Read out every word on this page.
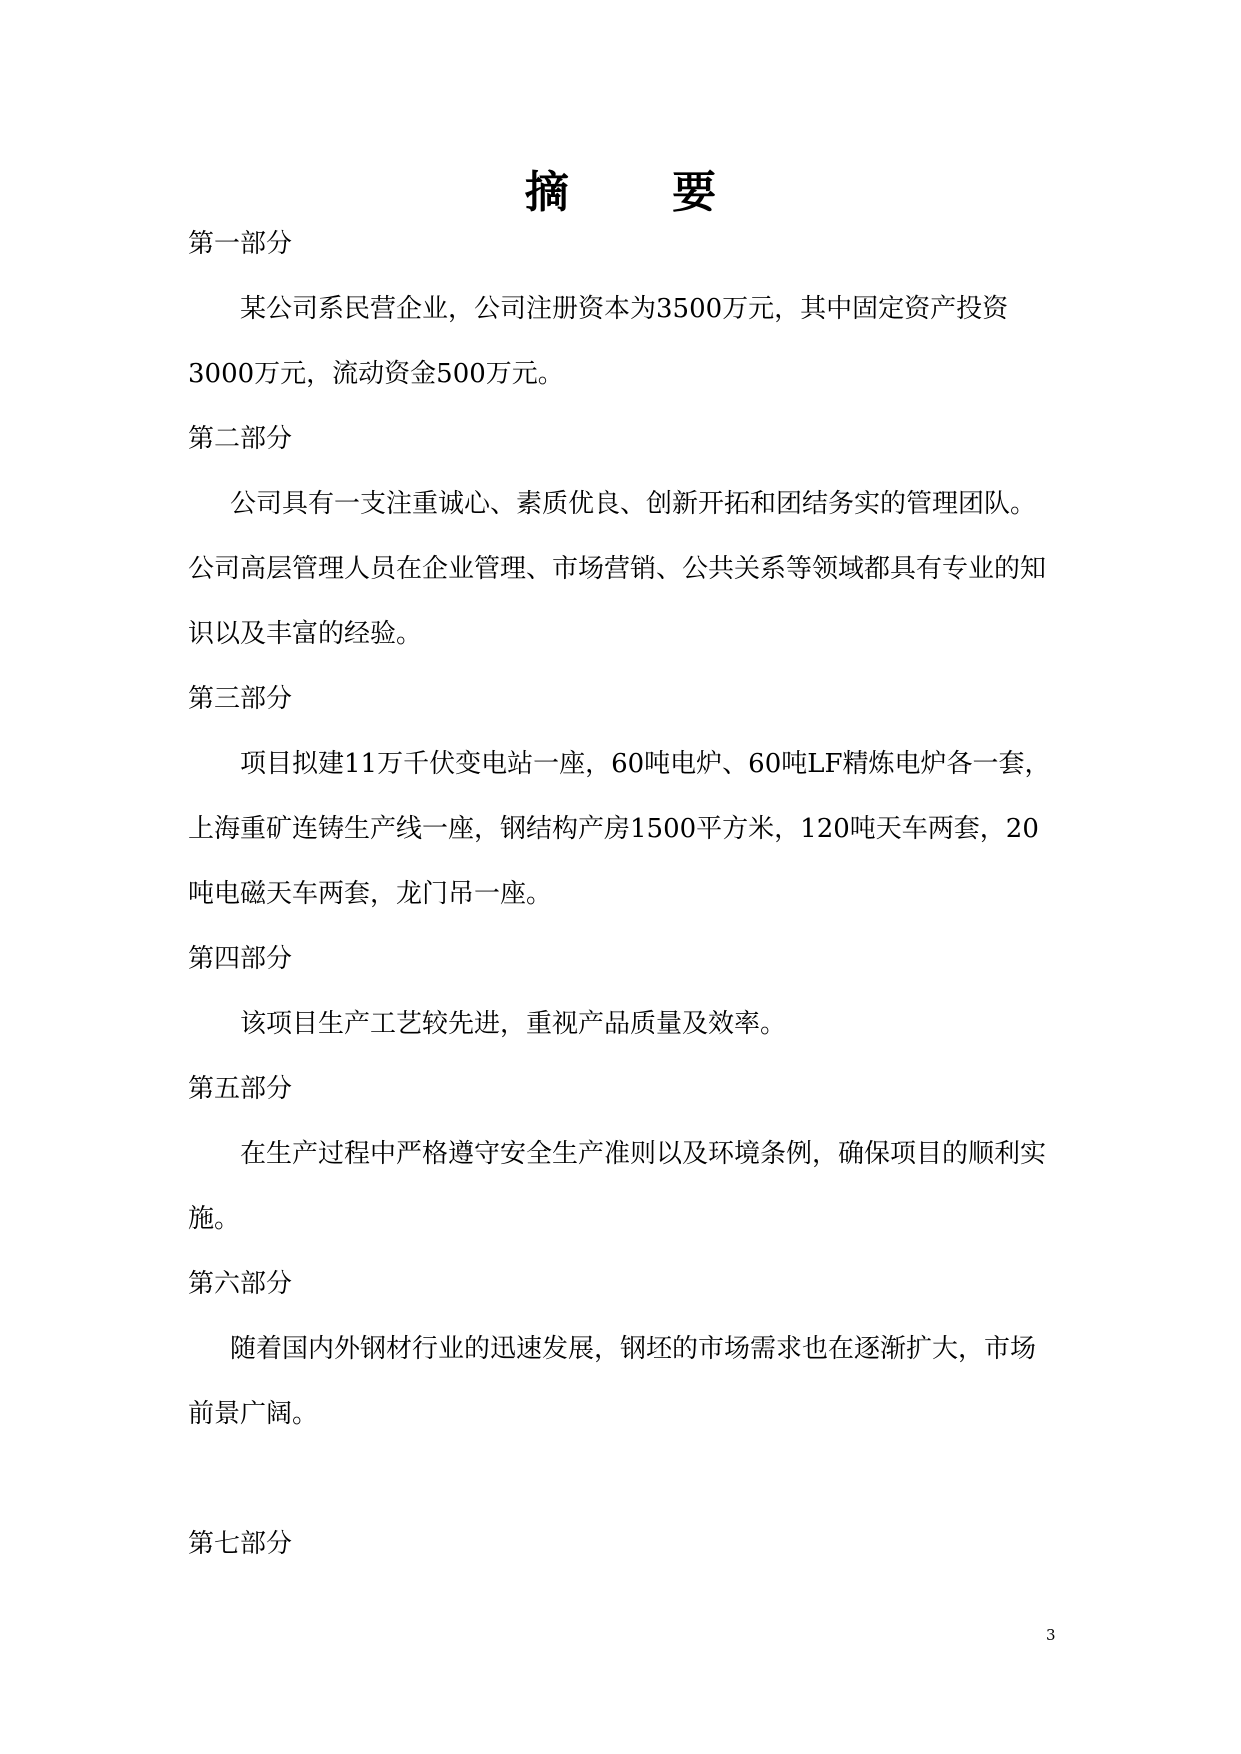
摘 要

第一部分

某公司系民营企业，公司注册资本为3500万元，其中固定资产投资3000万元，流动资金500万元。

第二部分

公司具有一支注重诚心、素质优良、创新开拓和团结务实的管理团队。公司高层管理人员在企业管理、市场营销、公共关系等领域都具有专业的知识以及丰富的经验。

第三部分

项目拟建11万千伏变电站一座，60吨电炉、60吨LF精炼电炉各一套，上海重矿连铸生产线一座，钢结构产房1500平方米，120吨天车两套，20吨电磁天车两套，龙门吊一座。

第四部分

该项目生产工艺较先进，重视产品质量及效率。

第五部分

在生产过程中严格遵守安全生产准则以及环境条例，确保项目的顺利实施。

第六部分

随着国内外钢材行业的迅速发展，钢坯的市场需求也在逐渐扩大，市场前景广阔。

第七部分

3
